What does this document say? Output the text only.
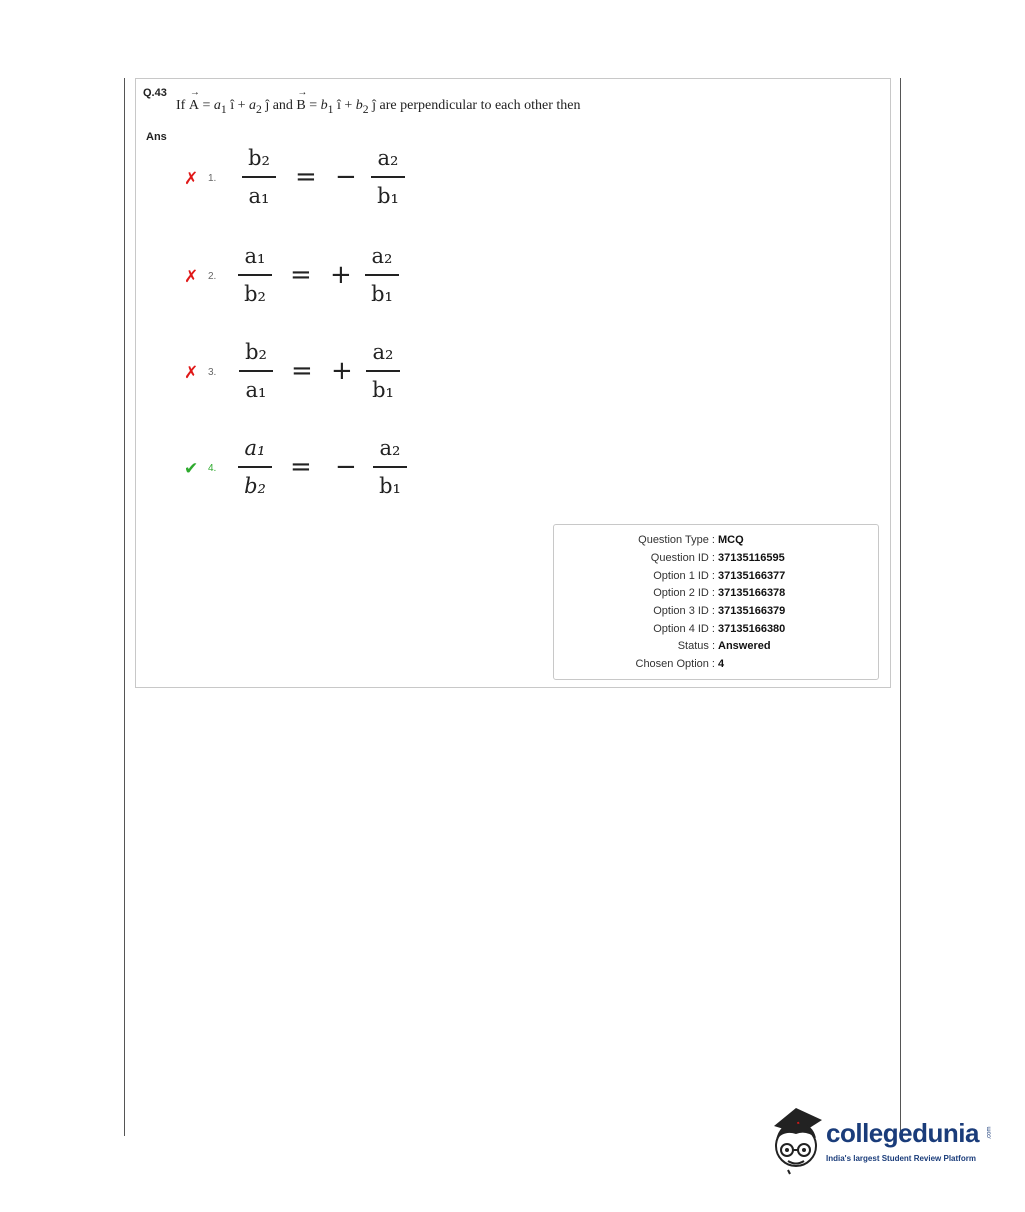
Q.43
$If \to A = a_1$ î + $a_2$ ĵ and → $B = b_1$ î + $b_2$ ĵ are perpendicular to each other then
Ans
✗ 1.
b₂
a₁
= −
a₂
b₁
✗ 2.
a₁
b₂
= +
a₂
b₁
✗ 3.
b₂
a₁
= +
a₂
b₁
✔ 4.
a₁
b₂
= −
a₂
b₁
Question Type : MCQ
Question ID : 37135116595
Option 1 ID : 37135166377
Option 2 ID : 37135166378
Option 3 ID : 37135166379
Option 4 ID : 37135166380
Status : Answered
Chosen Option : 4
collegedunia .com
India's largest Student Review Platform
